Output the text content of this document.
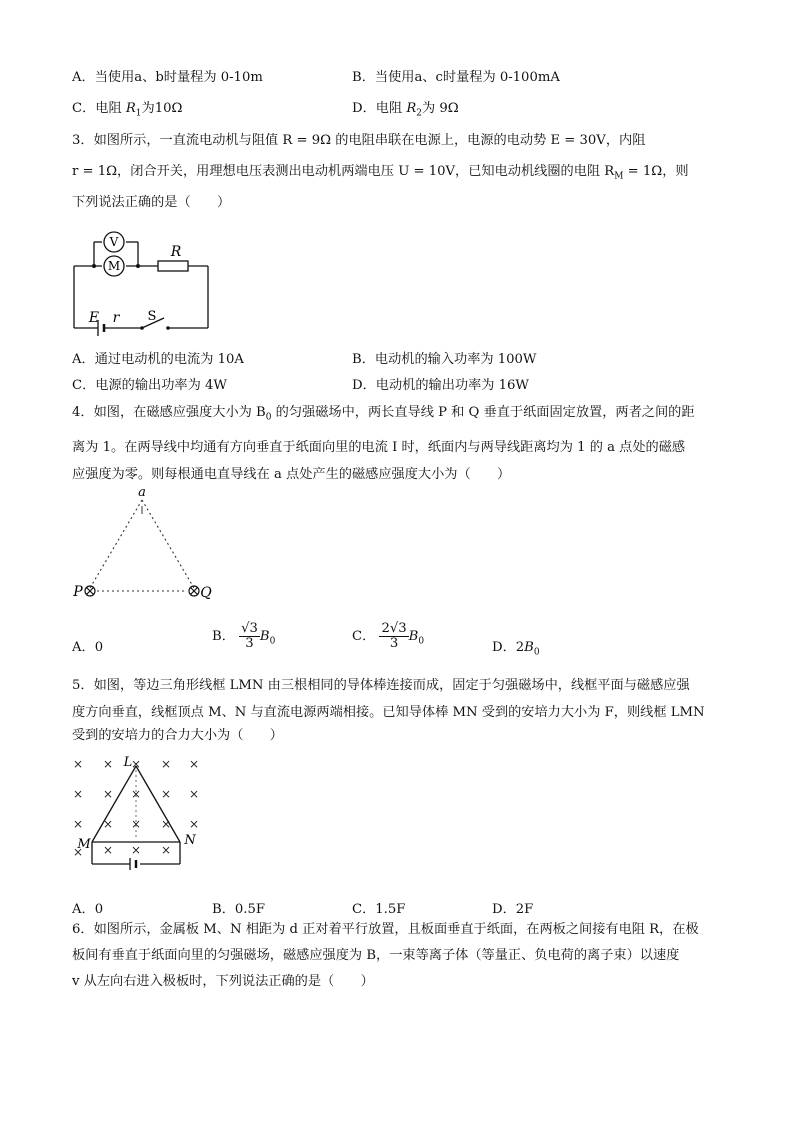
A．当使用a、b时量程为 0-10m	B．当使用a、c时量程为 0-100mA
C．电阻 $R_1$为10Ω	D．电阻 $R_2$为 9Ω
3．如图所示，一直流电动机与阻值 R = 9Ω 的电阻串联在电源上，电源的电动势 E = 30V，内阻
r = 1Ω，闭合开关，用理想电压表测出电动机两端电压 U = 10V，已知电动机线圈的电阻 $R_M = 1\Omega$，则
下列说法正确的是（　　）
V
M
R
E r S
A．通过电动机的电流为 10A	B．电动机的输入功率为 100W
C．电源的输出功率为 4W	D．电动机的输出功率为 16W
4．如图，在磁感应强度大小为 $B_0$ 的匀强磁场中，两长直导线 P 和 Q 垂直于纸面固定放置，两者之间的距
离为 1。在两导线中均通有方向垂直于纸面向里的电流 I 时，纸面内与两导线距离均为 1 的 a 点处的磁感
应强度为零。则每根通电直导线在 a 点处产生的磁感应强度大小为（　　）
a
P	Q
A．0
B． $\frac{√3}{3} B_0$	C． $\frac{2√3}{3} B_0$	D．$2B_0$
5．如图，等边三角形线框 LMN 由三根相同的导体棒连接而成，固定于匀强磁场中，线框平面与磁感应强
度方向垂直，线框顶点 M、N 与直流电源两端相接。已知导体棒 MN 受到的安培力大小为 F，则线框 LMN
受到的安培力的合力大小为（　　）
× × × × ×
× × × × ×
× × × × ×
× × × ×
L
M	N
A．0	B．0.5F	C．1.5F	D．2F
6．如图所示，金属板 M、N 相距为 d 正对着平行放置，且板面垂直于纸面，在两板之间接有电阻 R，在极
板间有垂直于纸面向里的匀强磁场，磁感应强度为 B，一束等离子体（等量正、负电荷的离子束）以速度
v 从左向右进入极板时，下列说法正确的是（　　）
